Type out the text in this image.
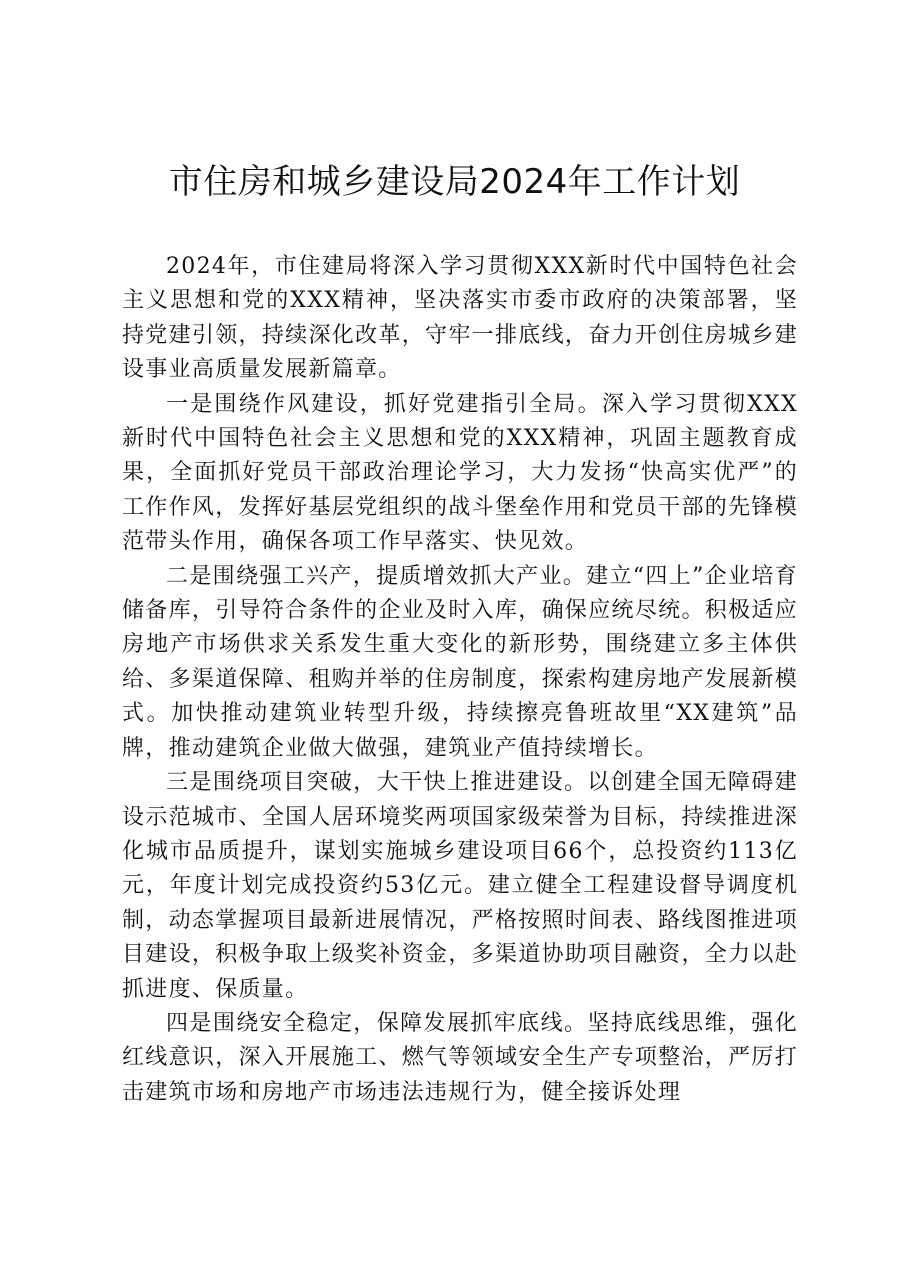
市住房和城乡建设局2024年工作计划

2024年，市住建局将深入学习贯彻XXX新时代中国特色社会主义思想和党的XXX精神，坚决落实市委市政府的决策部署，坚持党建引领，持续深化改革，守牢一排底线，奋力开创住房城乡建设事业高质量发展新篇章。

一是围绕作风建设，抓好党建指引全局。深入学习贯彻XXX新时代中国特色社会主义思想和党的XXX精神，巩固主题教育成果，全面抓好党员干部政治理论学习，大力发扬“快高实优严”的工作作风，发挥好基层党组织的战斗堡垒作用和党员干部的先锋模范带头作用，确保各项工作早落实、快见效。

二是围绕强工兴产，提质增效抓大产业。建立“四上”企业培育储备库，引导符合条件的企业及时入库，确保应统尽统。积极适应房地产市场供求关系发生重大变化的新形势，围绕建立多主体供给、多渠道保障、租购并举的住房制度，探索构建房地产发展新模式。加快推动建筑业转型升级，持续擦亮鲁班故里“XX建筑”品牌，推动建筑企业做大做强，建筑业产值持续增长。

三是围绕项目突破，大干快上推进建设。以创建全国无障碍建设示范城市、全国人居环境奖两项国家级荣誉为目标，持续推进深化城市品质提升，谋划实施城乡建设项目66个，总投资约113亿元，年度计划完成投资约53亿元。建立健全工程建设督导调度机制，动态掌握项目最新进展情况，严格按照时间表、路线图推进项目建设，积极争取上级奖补资金，多渠道协助项目融资，全力以赴抓进度、保质量。

四是围绕安全稳定，保障发展抓牢底线。坚持底线思维，强化红线意识，深入开展施工、燃气等领域安全生产专项整治，严厉打击建筑市场和房地产市场违法违规行为，健全接诉处理
